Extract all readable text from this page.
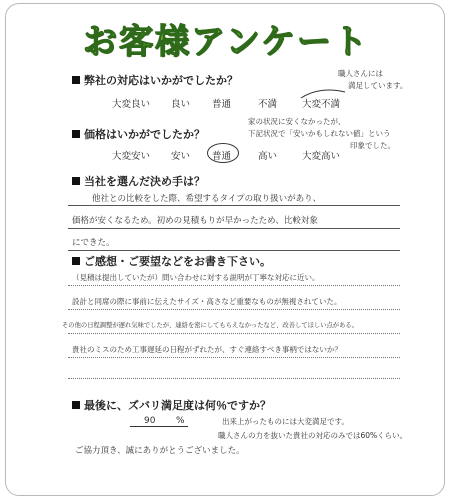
お客様アンケート
弊社の対応はいかがでしたか？
職人さんには
満足しています。
大変良い 良い 普通	不満	大変不満
価格はいかがでしたか？
家の状況に安くなかったが、
下記状況で「安いかもしれない値」という
印象でした。
大変安い 安い 普通	高い	大変高い
当社を選んだ決め手は？
他社との比較をした際、希望するタイプの取り扱いがあり、
価格が安くなるため。初めの見積もりが早かったため、比較対象
にできた。
ご感想・ご要望などをお書き下さい。
（見積は提出していたが）問い合わせに対する説明が丁寧な対応に近い。
設計と同席の際に事前に伝えたサイズ・高さなど重要なものが無視されていた。
その他の日程調整が遅れ気味でしたが、連絡を密にしてもらえなかったなど、改善してほしい点がある。
貴社のミスのため工事遅延の日程がずれたが、すぐ連絡すべき事柄ではないか？
最後に、ズバリ満足度は何％ですか？
90 %	出来上がったものには大変満足です。
職人さんの力を抜いた貴社の対応のみでは60%くらい。
ご協力頂き、誠にありがとうございました。
